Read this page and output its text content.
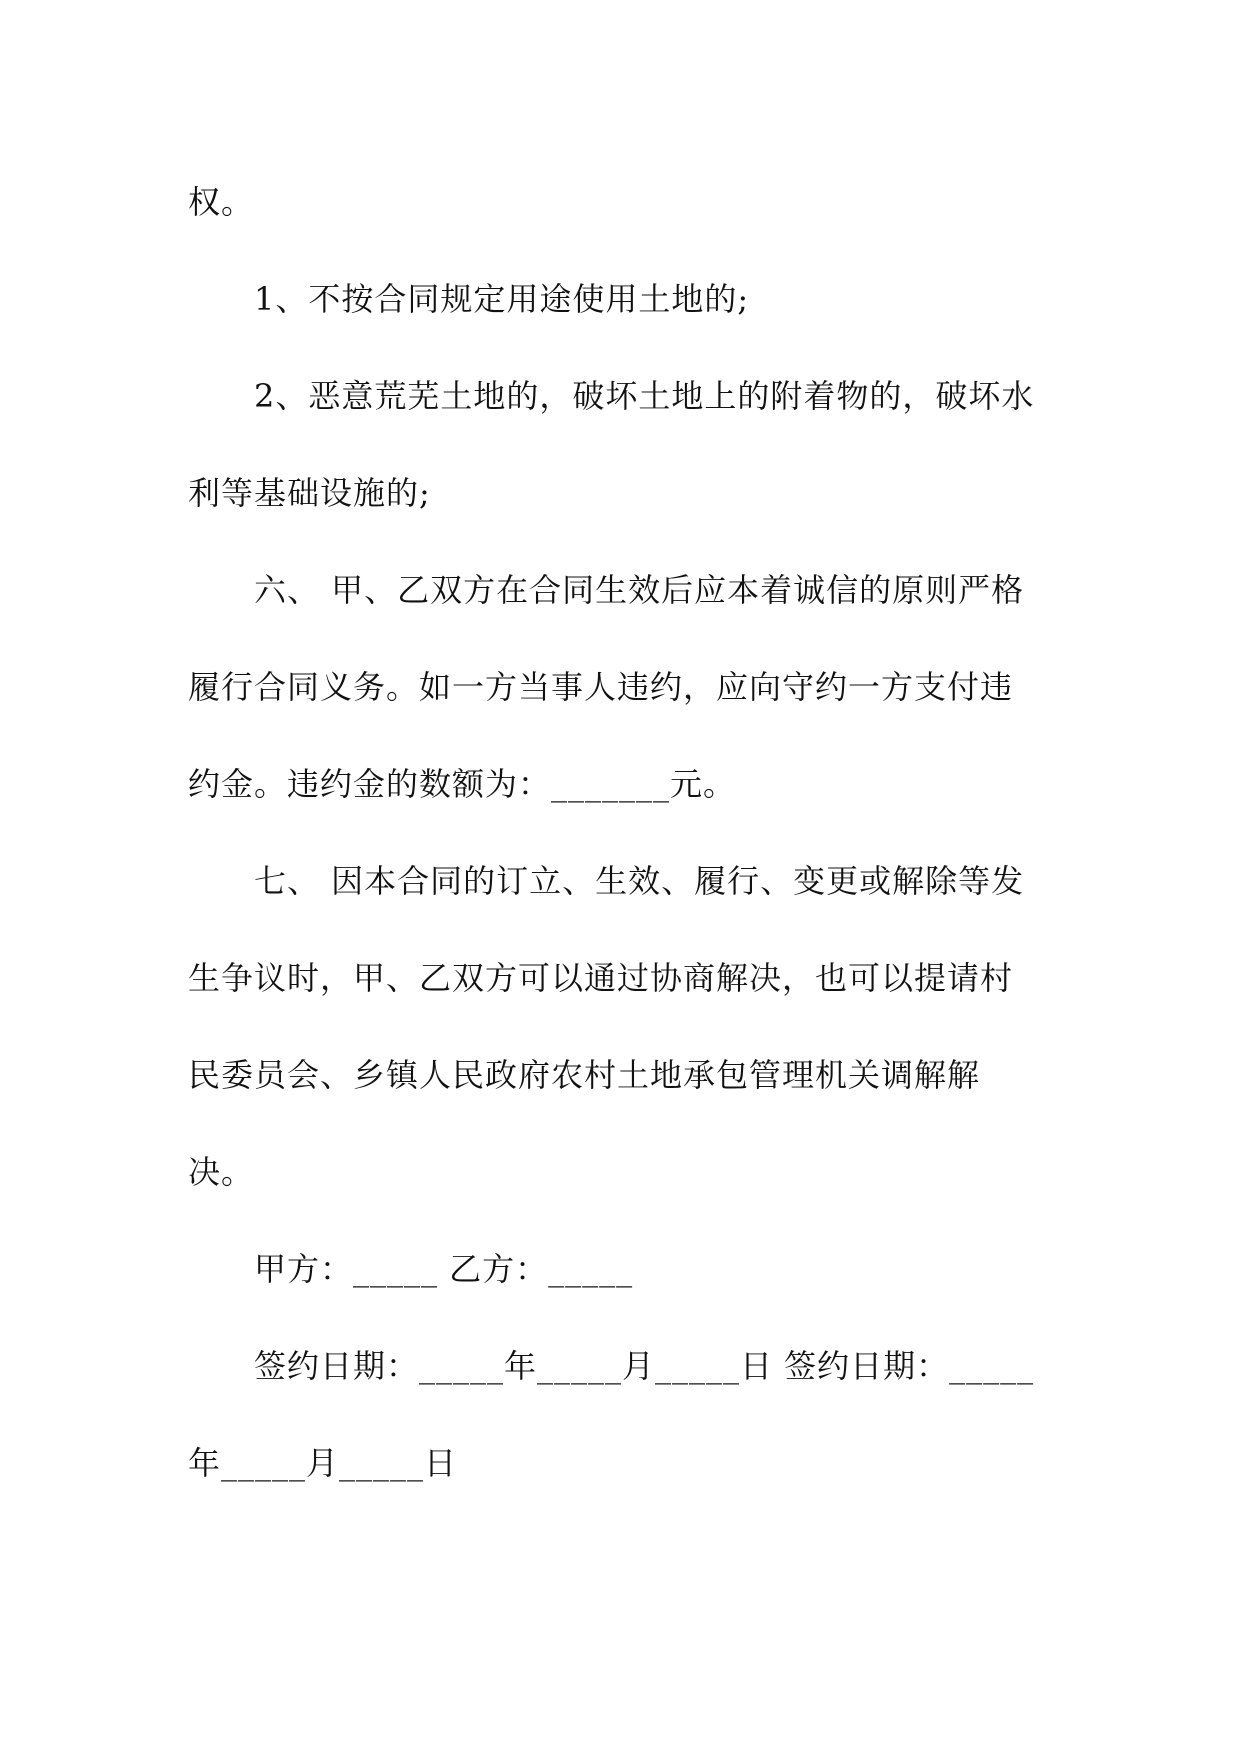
权。
1、不按合同规定用途使用土地的;
2、恶意荒芜土地的，破坏土地上的附着物的，破坏水
利等基础设施的;
六、 甲、乙双方在合同生效后应本着诚信的原则严格
履行合同义务。如一方当事人违约，应向守约一方支付违
约金。违约金的数额为：_______元。
七、 因本合同的订立、生效、履行、变更或解除等发
生争议时，甲、乙双方可以通过协商解决，也可以提请村
民委员会、乡镇人民政府农村土地承包管理机关调解解
决。
甲方：_____ 乙方：_____
签约日期：_____年_____月_____日 签约日期：_____
年_____月_____日
